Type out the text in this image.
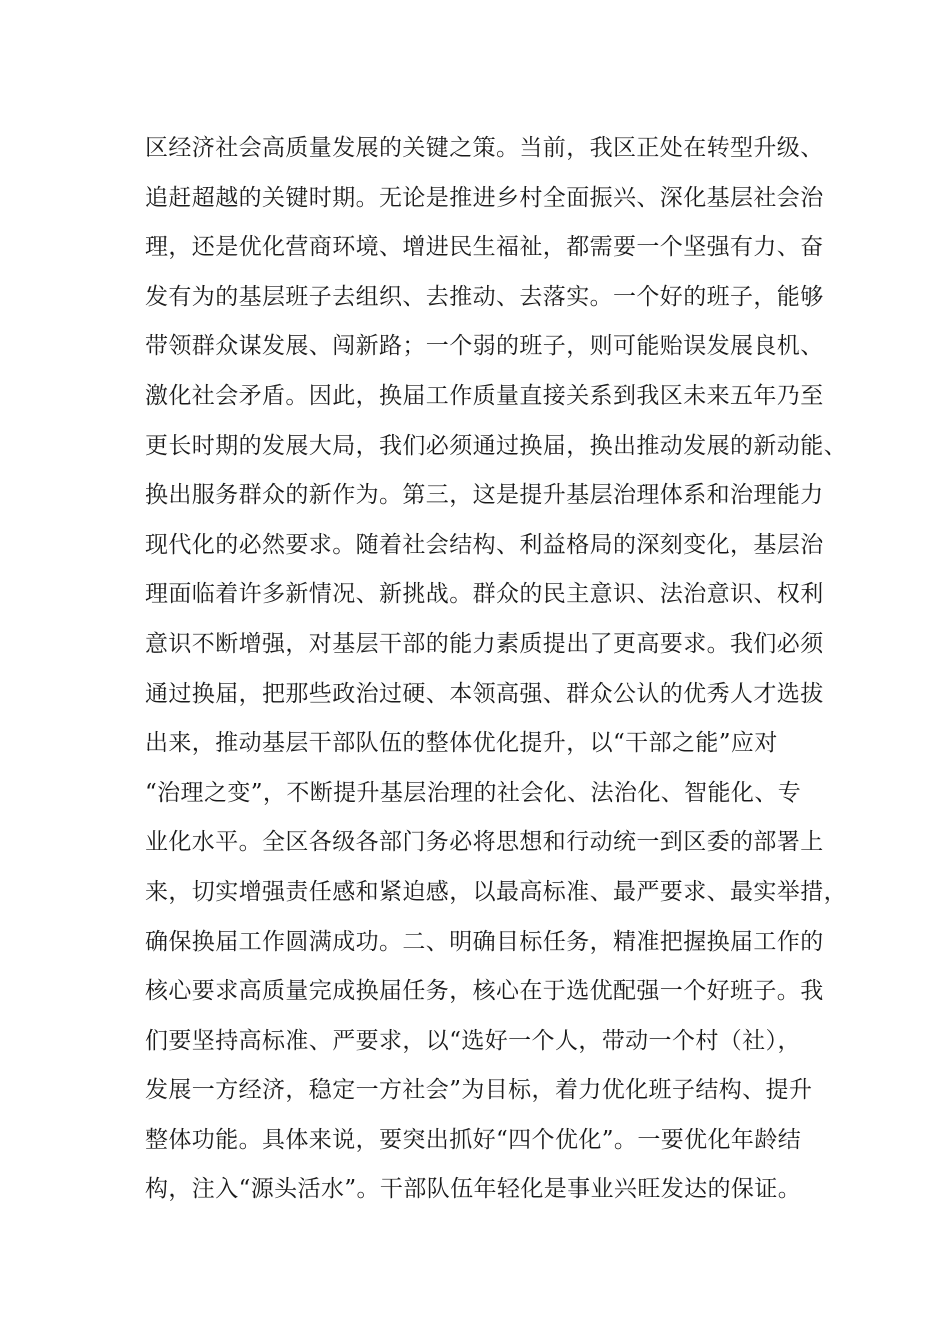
区经济社会高质量发展的关键之策。当前，我区正处在转型升级、
追赶超越的关键时期。无论是推进乡村全面振兴、深化基层社会治
理，还是优化营商环境、增进民生福祉，都需要一个坚强有力、奋
发有为的基层班子去组织、去推动、去落实。一个好的班子，能够
带领群众谋发展、闯新路；一个弱的班子，则可能贻误发展良机、
激化社会矛盾。因此，换届工作质量直接关系到我区未来五年乃至
更长时期的发展大局，我们必须通过换届，换出推动发展的新动能、
换出服务群众的新作为。第三，这是提升基层治理体系和治理能力
现代化的必然要求。随着社会结构、利益格局的深刻变化，基层治
理面临着许多新情况、新挑战。群众的民主意识、法治意识、权利
意识不断增强，对基层干部的能力素质提出了更高要求。我们必须
通过换届，把那些政治过硬、本领高强、群众公认的优秀人才选拔
出来，推动基层干部队伍的整体优化提升，以“干部之能”应对
“治理之变”，不断提升基层治理的社会化、法治化、智能化、专
业化水平。全区各级各部门务必将思想和行动统一到区委的部署上
来，切实增强责任感和紧迫感，以最高标准、最严要求、最实举措，
确保换届工作圆满成功。二、明确目标任务，精准把握换届工作的
核心要求高质量完成换届任务，核心在于选优配强一个好班子。我
们要坚持高标准、严要求，以“选好一个人，带动一个村（社），
发展一方经济，稳定一方社会”为目标，着力优化班子结构、提升
整体功能。具体来说，要突出抓好“四个优化”。一要优化年龄结
构，注入“源头活水”。干部队伍年轻化是事业兴旺发达的保证。
